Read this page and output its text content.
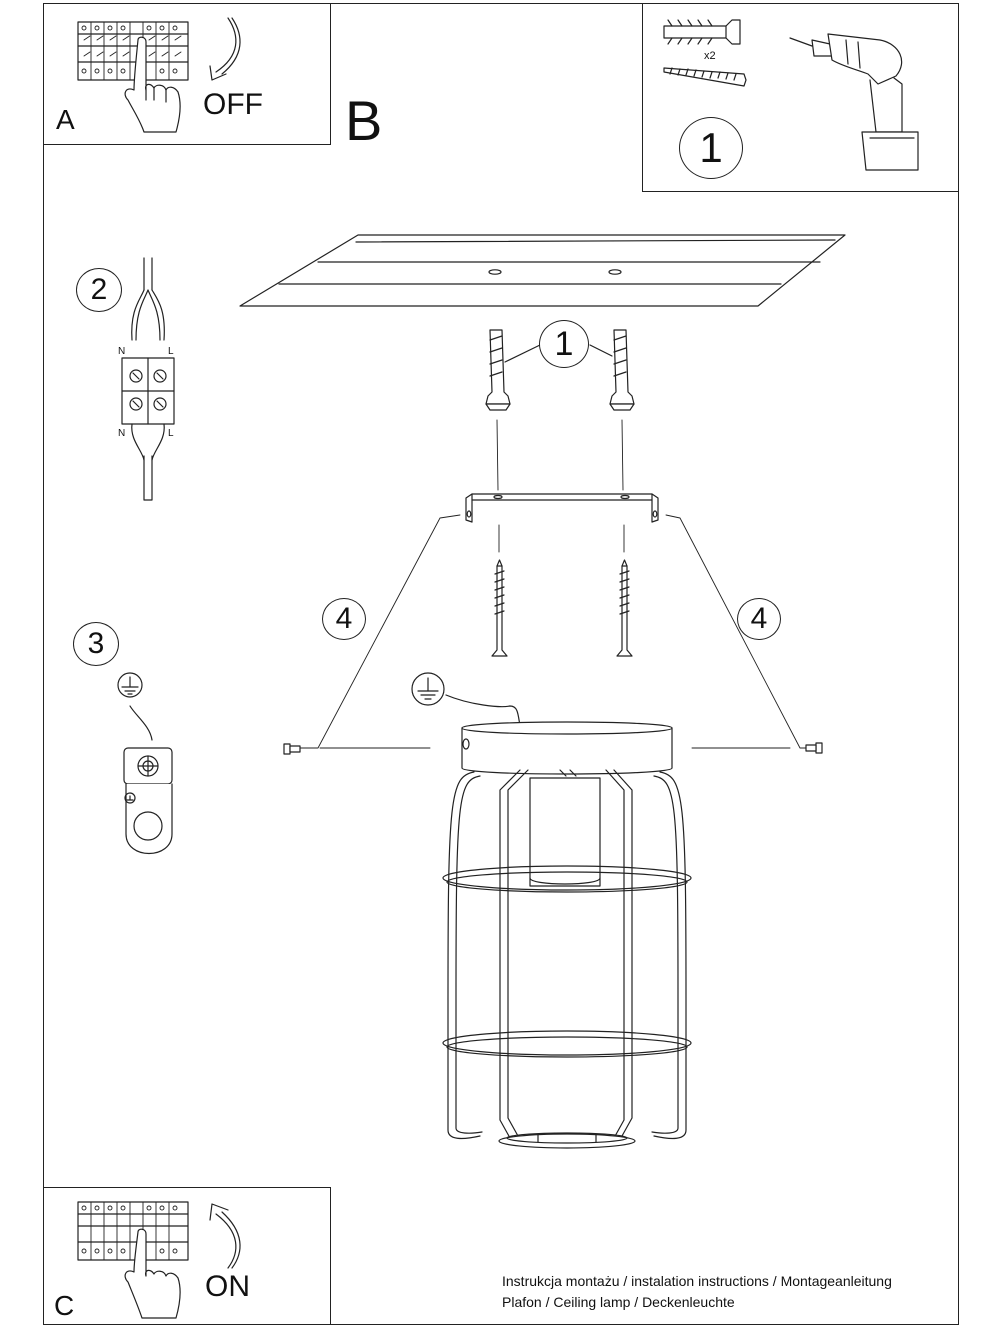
A	OFF B
x2
1
C
ON
1
2
3
4	4
N	L
N	L
Instrukcja montażu / instalation instructions / Montageanleitung
Plafon / Ceiling lamp / Deckenleuchte
